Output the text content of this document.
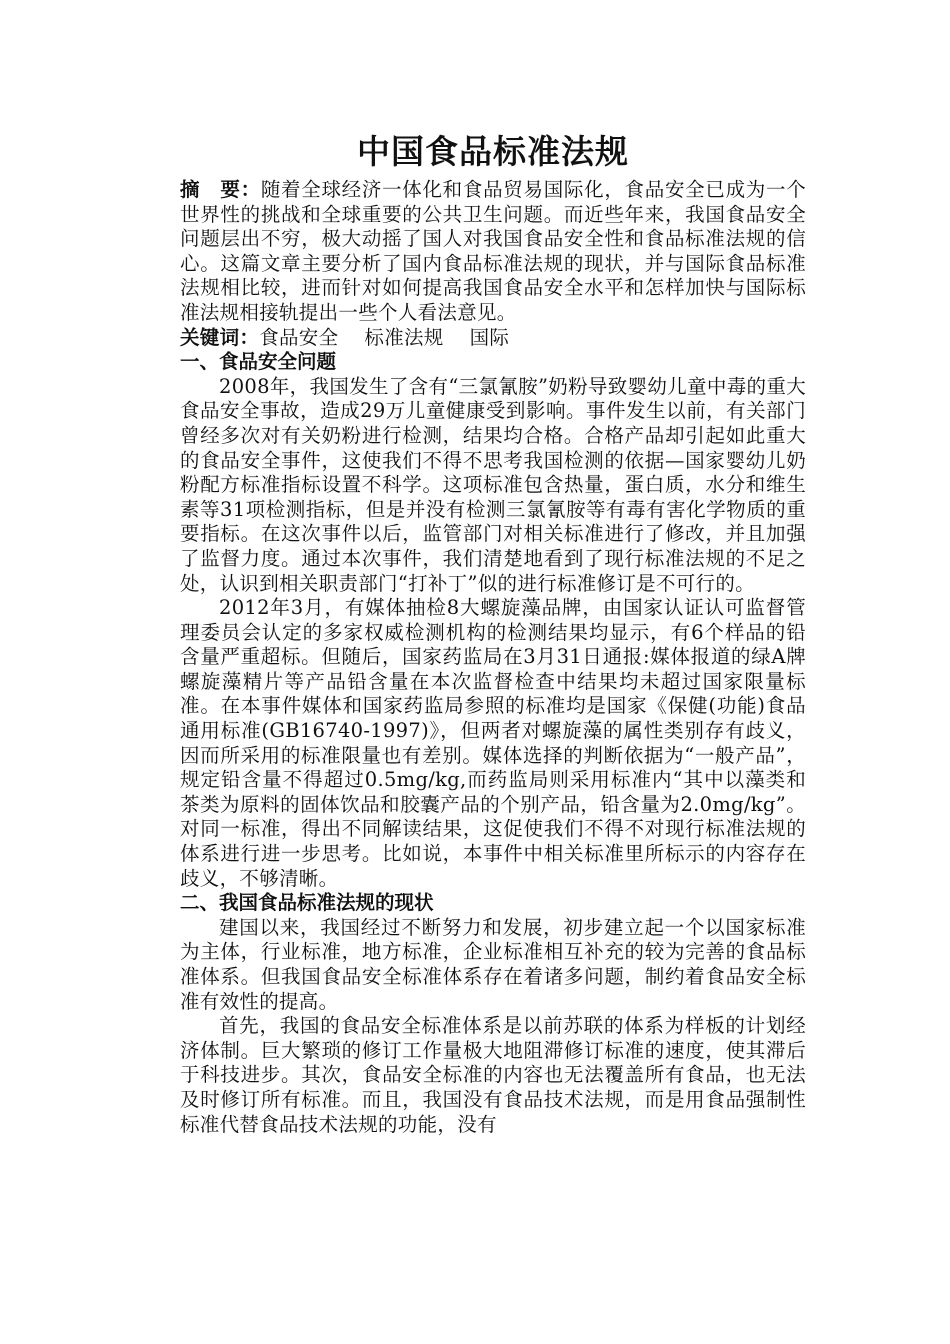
中国食品标准法规

摘　要：随着全球经济一体化和食品贸易国际化，食品安全已成为一个世界性的挑战和全球重要的公共卫生问题。而近些年来，我国食品安全问题层出不穷，极大动摇了国人对我国食品安全性和食品标准法规的信心。这篇文章主要分析了国内食品标准法规的现状，并与国际食品标准法规相比较，进而针对如何提高我国食品安全水平和怎样加快与国际标准法规相接轨提出一些个人看法意见。

关键词：食品安全 标准法规 国际

一、食品安全问题

2008年，我国发生了含有“三氯氰胺”奶粉导致婴幼儿童中毒的重大食品安全事故，造成29万儿童健康受到影响。事件发生以前，有关部门曾经多次对有关奶粉进行检测，结果均合格。合格产品却引起如此重大的食品安全事件，这使我们不得不思考我国检测的依据—国家婴幼儿奶粉配方标准指标设置不科学。这项标准包含热量，蛋白质，水分和维生素等31项检测指标，但是并没有检测三氯氰胺等有毒有害化学物质的重要指标。在这次事件以后，监管部门对相关标准进行了修改，并且加强了监督力度。通过本次事件，我们清楚地看到了现行标准法规的不足之处，认识到相关职责部门“打补丁”似的进行标准修订是不可行的。

2012年3月，有媒体抽检8大螺旋藻品牌，由国家认证认可监督管理委员会认定的多家权威检测机构的检测结果均显示，有6个样品的铅含量严重超标。但随后，国家药监局在3月31日通报:媒体报道的绿A牌螺旋藻精片等产品铅含量在本次监督检查中结果均未超过国家限量标准。在本事件媒体和国家药监局参照的标准均是国家《保健(功能)食品通用标准(GB16740-1997)》，但两者对螺旋藻的属性类别存有歧义，因而所采用的标准限量也有差别。媒体选择的判断依据为“一般产品”，规定铅含量不得超过0.5mg/kg,而药监局则采用标准内“其中以藻类和茶类为原料的固体饮品和胶囊产品的个别产品，铅含量为2.0mg/kg”。对同一标准，得出不同解读结果，这促使我们不得不对现行标准法规的体系进行进一步思考。比如说，本事件中相关标准里所标示的内容存在歧义，不够清晰。

二、我国食品标准法规的现状

建国以来，我国经过不断努力和发展，初步建立起一个以国家标准为主体，行业标准，地方标准，企业标准相互补充的较为完善的食品标准体系。但我国食品安全标准体系存在着诸多问题，制约着食品安全标准有效性的提高。

首先，我国的食品安全标准体系是以前苏联的体系为样板的计划经济体制。巨大繁琐的修订工作量极大地阻滞修订标准的速度，使其滞后于科技进步。其次，食品安全标准的内容也无法覆盖所有食品，也无法及时修订所有标准。而且，我国没有食品技术法规，而是用食品强制性标准代替食品技术法规的功能，没有
